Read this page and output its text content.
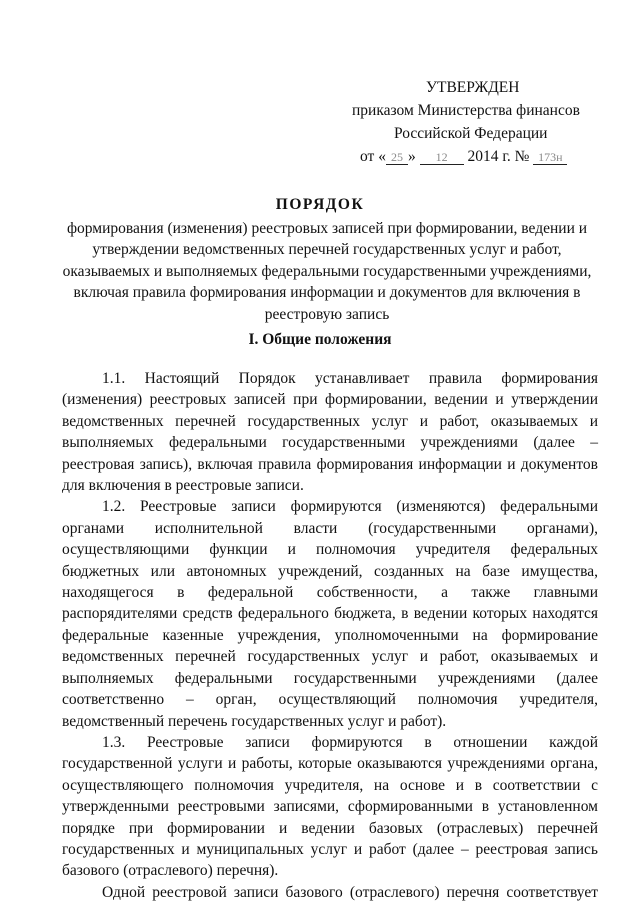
УТВЕРЖДЕН
приказом Министерства финансов
Российской Федерации
от « 25 » 12 2014 г. № 173н
ПОРЯДОК
формирования (изменения) реестровых записей при формировании, ведении и утверждении ведомственных перечней государственных услуг и работ, оказываемых и выполняемых федеральными государственными учреждениями, включая правила формирования информации и документов для включения в реестровую запись
I. Общие положения

1.1. Настоящий Порядок устанавливает правила формирования (изменения) реестровых записей при формировании, ведении и утверждении ведомственных перечней государственных услуг и работ, оказываемых и выполняемых федеральными государственными учреждениями (далее – реестровая запись), включая правила формирования информации и документов для включения в реестровые записи.

1.2. Реестровые записи формируются (изменяются) федеральными органами исполнительной власти (государственными органами), осуществляющими функции и полномочия учредителя федеральных бюджетных или автономных учреждений, созданных на базе имущества, находящегося в федеральной собственности, а также главными распорядителями средств федерального бюджета, в ведении которых находятся федеральные казенные учреждения, уполномоченными на формирование ведомственных перечней государственных услуг и работ, оказываемых и выполняемых федеральными государственными учреждениями (далее соответственно – орган, осуществляющий полномочия учредителя, ведомственный перечень государственных услуг и работ).

1.3. Реестровые записи формируются в отношении каждой государственной услуги и работы, которые оказываются учреждениями органа, осуществляющего полномочия учредителя, на основе и в соответствии с утвержденными реестровыми записями, сформированными в установленном порядке при формировании и ведении базовых (отраслевых) перечней государственных и муниципальных услуг и работ (далее – реестровая запись базового (отраслевого) перечня).

Одной реестровой записи базового (отраслевого) перечня соответствует
